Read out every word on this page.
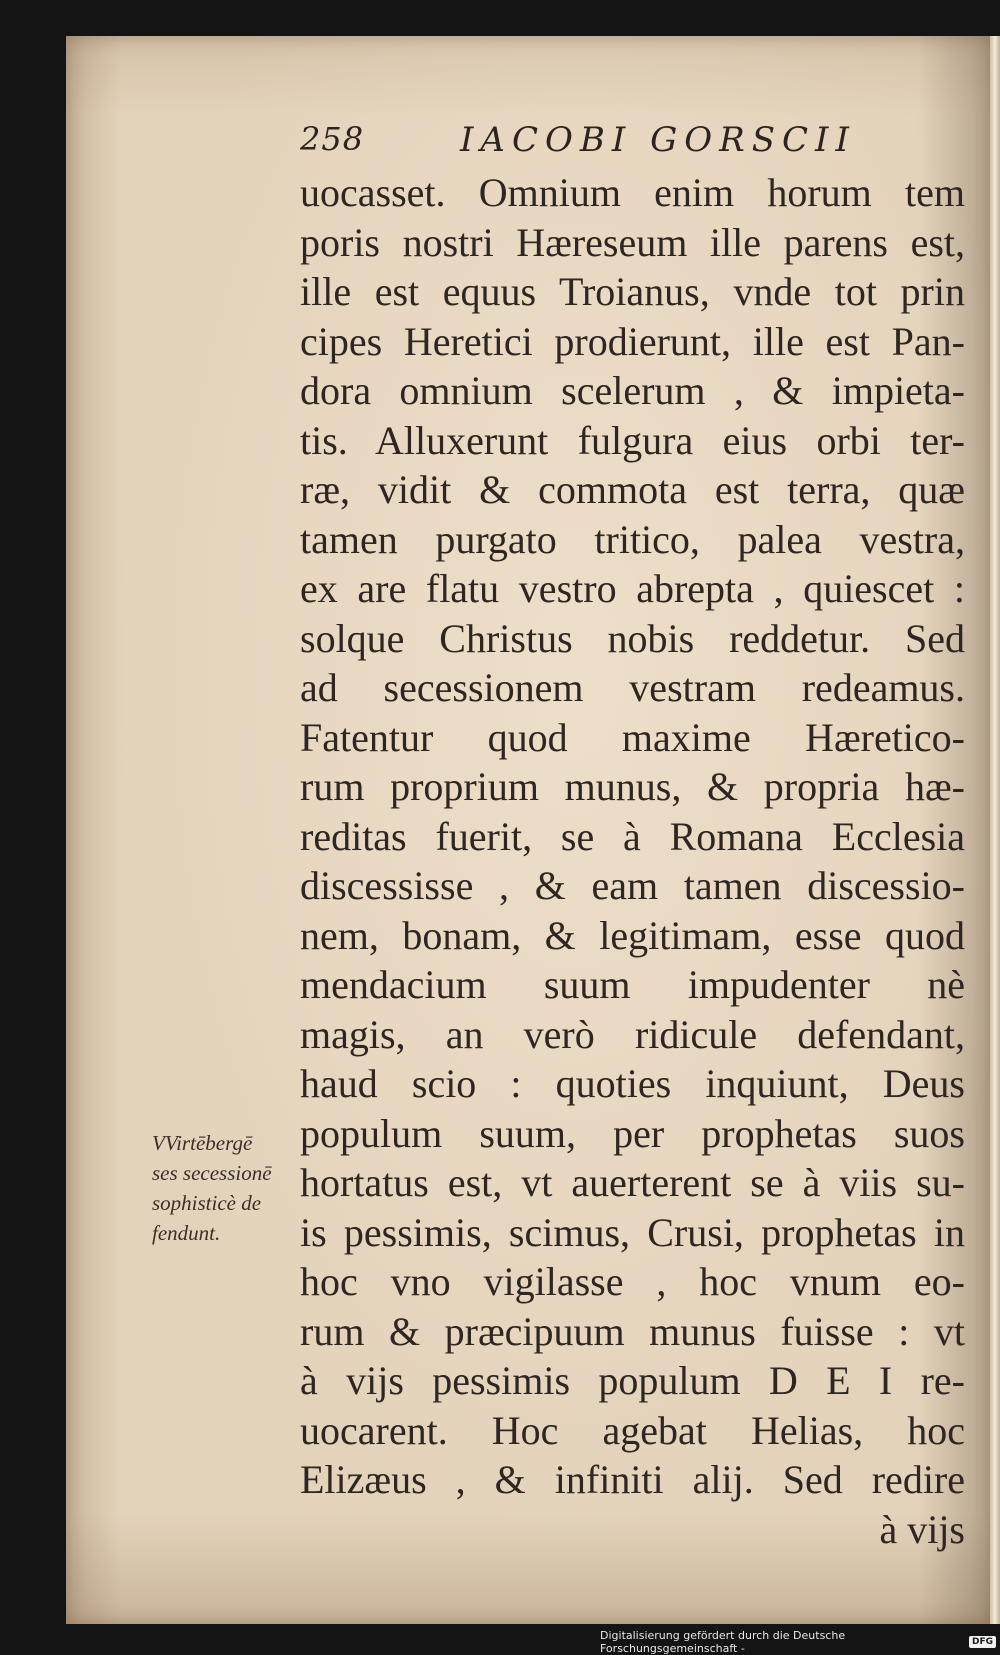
258	IACOBI GORSCII
uocasset. Omnium enim horum tem
poris nostri Hæreseum ille parens est,
ille est equus Troianus, vnde tot prin
cipes Heretici prodierunt, ille est Pan-
dora omnium scelerum , & impieta-
tis. Alluxerunt fulgura eius orbi ter-
ræ, vidit & commota est terra, quæ
tamen purgato tritico, palea vestra,
ex are flatu vestro abrepta , quiescet :
solque Christus nobis reddetur. Sed
ad secessionem vestram redeamus.
Fatentur quod maxime Hæretico-
rum proprium munus, & propria hæ-
reditas fuerit, se à Romana Ecclesia
discessisse , & eam tamen discessio-
nem, bonam, & legitimam, esse quod
mendacium suum impudenter nè
magis, an verò ridicule defendant,
haud scio : quoties inquiunt, Deus
populum suum, per prophetas suos
hortatus est, vt auerterent se à viis su-
is pessimis, scimus, Crusi, prophetas in
hoc vno vigilasse , hoc vnum eo-
rum & præcipuum munus fuisse : vt
à vijs pessimis populum D E I re-
uocarent. Hoc agebat Helias, hoc
Elizæus , & infiniti alij. Sed redire
à vijs
VVirtēbergē
ses secessionē
sophisticè de
fendunt.
Digitalisierung gefördert durch die Deutsche Forschungsgemeinschaft -	DFG
